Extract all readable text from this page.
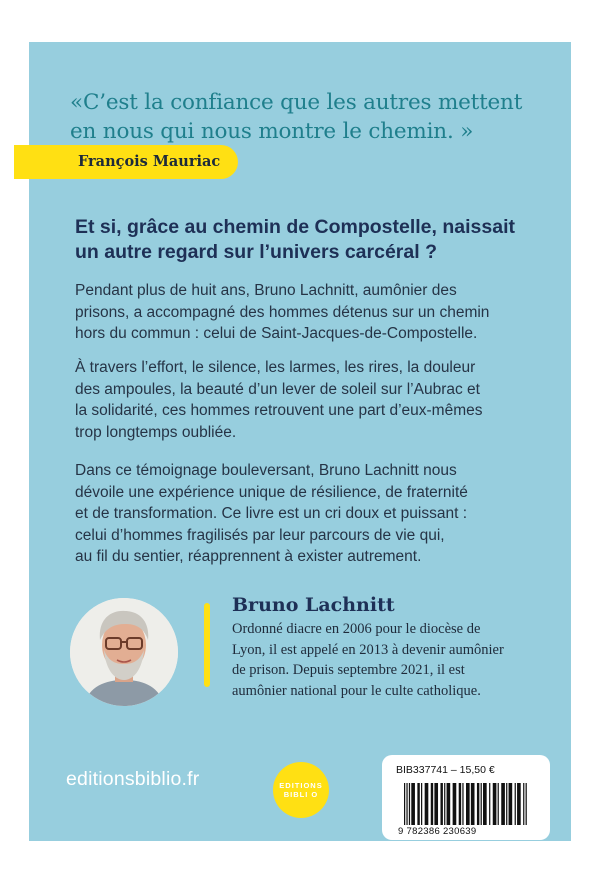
«C’est la confiance que les autres mettent
en nous qui nous montre le chemin. »
François Mauriac
Et si, grâce au chemin de Compostelle, naissait
un autre regard sur l’univers carcéral ?
Pendant plus de huit ans, Bruno Lachnitt, aumônier des
prisons, a accompagné des hommes détenus sur un chemin
hors du commun : celui de Saint-Jacques-de-Compostelle.
À travers l’effort, le silence, les larmes, les rires, la douleur
des ampoules, la beauté d’un lever de soleil sur l’Aubrac et
la solidarité, ces hommes retrouvent une part d’eux-mêmes
trop longtemps oubliée.
Dans ce témoignage bouleversant, Bruno Lachnitt nous
dévoile une expérience unique de résilience, de fraternité
et de transformation. Ce livre est un cri doux et puissant :
celui d’hommes fragilisés par leur parcours de vie qui,
au fil du sentier, réapprennent à exister autrement.
Bruno Lachnitt
Ordonné diacre en 2006 pour le diocèse de
Lyon, il est appelé en 2013 à devenir aumônier
de prison. Depuis septembre 2021, il est
aumônier national pour le culte catholique.
editionsbiblio.fr	EDITIONS
BIBLI O
BIB337741 – 15,50 €
9 782386 230639
